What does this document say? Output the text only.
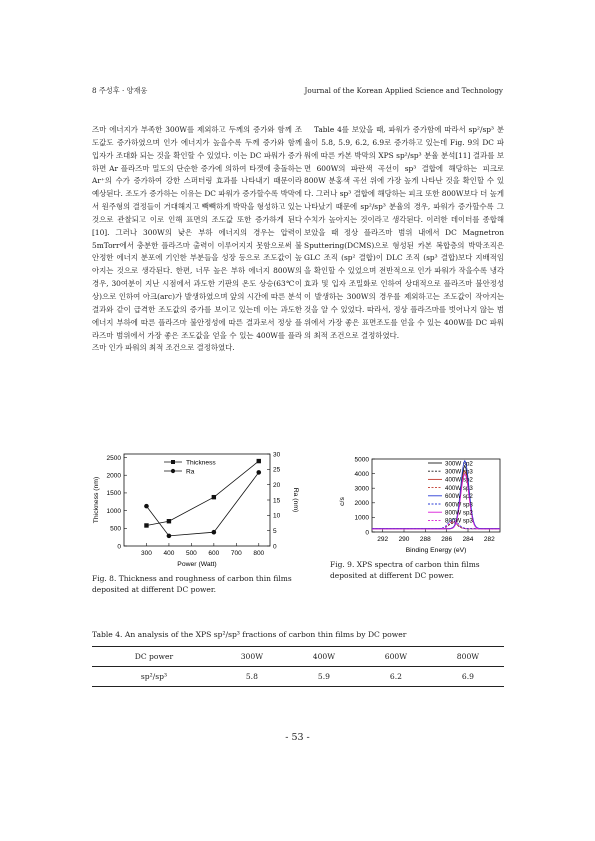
8 주성후 · 양재웅	Journal of the Korean Applied Science and Technology

즈마 에너지가 부족한 300W를 제외하고 두께의 증가와 함께 조도값도 증가하였으며 인가 에너지가 높을수록 두께 증가와 함께 입자가 조대화 되는 것을 확인할 수 있었다. 이는 DC 파워가 증가하면 Ar 플라즈마 밀도의 단순한 증가에 의하여 타겟에 충돌하는 Ar⁺의 수가 증가하여 강한 스퍼터링 효과를 나타내기 때문이라 예상된다. 조도가 증가하는 이유는 DC 파워가 증가할수록 박막에서 원주형의 결정들이 거대해지고 빽빽하게 박막을 형성하고 있는 것으로 관찰되고 이로 인해 표면의 조도값 또한 증가하게 된다[10]. 그러나 300W의 낮은 부하 에너지의 경우는 압력이 5mTorr에서 충분한 플라즈마 출력이 이루어지지 못함으로써 불안정한 에너지 분포에 기인한 부분들을 성장 등으로 조도값이 높아지는 것으로 생각된다. 한편, 너무 높은 부하 에너지 800W의 경우, 30여분이 지난 시점에서 과도한 기판의 온도 상승(63℃이상)으로 인하여 아크(arc)가 발생하였으며 앞의 시간에 따른 분석 결과와 같이 급격한 조도값의 증가를 보이고 있는데 이는 과도한 에너지 부하에 따른 플라즈마 불안정성에 따른 결과로서 정상 플라즈마 범위에서 가장 좋은 조도값을 얻을 수 있는 400W를 플라즈마 인가 파워의 최적 조건으로 결정하였다.

Table 4를 보았을 때, 파워가 증가함에 따라서 sp²/sp³ 분율이 5.8, 5.9, 6.2, 6.9로 증가하고 있는데 Fig. 9의 DC 파워에 따른 카본 박막의 XPS sp²/sp³ 분율 분석[11] 결과를 보면 600W의 파란색 곡선이 sp³ 결합에 해당하는 피크로 800W 분홍색 곡선 위에 가장 높게 나타난 것을 확인할 수 있다. 그러나 sp³ 결합에 해당하는 피크 또한 800W보다 더 높게 나타났기 때문에 sp²/sp³ 분율의 경우, 파워가 증가할수록 그 수치가 높아지는 것이라고 생각된다. 이러한 데이터를 종합해 보았을 때 정상 플라즈마 범위 내에서 DC Magnetron Sputtering(DCMS)으로 형성된 카본 복합층의 박막조직은 GLC 조직 (sp² 결합)이 DLC 조직 (sp³ 결합)보다 지배적임을 확인할 수 있었으며 전반적으로 인가 파워가 작을수록 냉각효과 및 입자 조밀화로 인하여 상대적으로 플라즈마 불안정성이 발생하는 300W의 경우를 제외하고는 조도값이 작아지는 것을 알 수 있었다. 따라서, 정상 플라즈마를 벗어나지 않는 범위에서 가장 좋은 표면조도를 얻을 수 있는 400W를 DC 파워의 최적 조건으로 결정하였다.

300 400 500 600 700 800
0
500
1000
1500
2000
2500
0
5
10
15
20
25
30
Power (Watt)
Thickness (nm)	Ra (nm)
Thickness
Ra
Fig. 8. Thickness and roughness of carbon thin films deposited at different DC power.
292 290 288 286 284 282
0
1000
2000
3000
4000
5000
Binding Energy (eV)
c/s
300W sp2
300W sp3
400W sp2
400W sp3
600W sp2
600W sp3
800W sp2
800W sp3
Fig. 9. XPS spectra of carbon thin films deposited at different DC power.
Table 4. An analysis of the XPS sp²/sp³ fractions of carbon thin films by DC power
DC power	300W	400W	600W	800W
sp²/sp³	5.8	5.9	6.2	6.9
- 53 -
